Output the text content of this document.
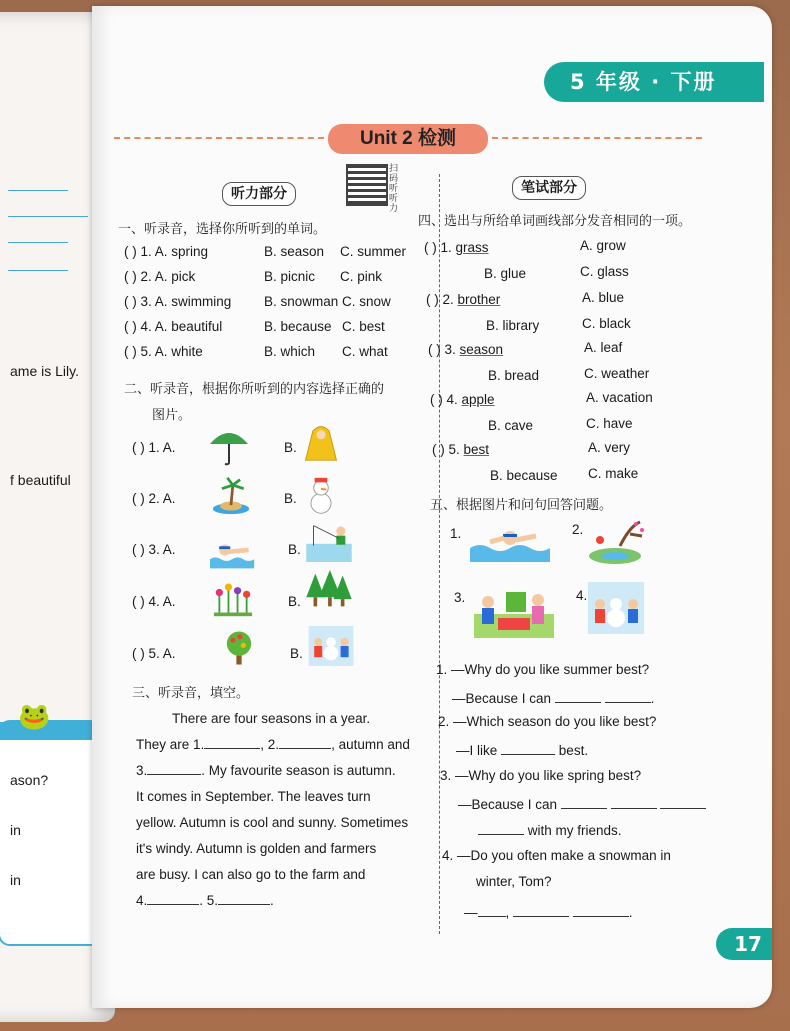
ame is Lily.
f beautiful
🐸
ason?
in
in
5 年级 · 下册
Unit 2 检测
扫码听听力
听力部分
一、听录音，选择你所听到的单词。
( ) 1. A. spring	B. season C. summer
( ) 2. A. pick	B. picnic C. pink
( ) 3. A. swimming B. snowman C. snow
( ) 4. A. beautiful	B. because C. best
( ) 5. A. white	B. which C. what
二、听录音，根据你所听到的内容选择正确的
图片。
( ) 1. A.	B.
( ) 2. A.	B.
( ) 3. A.	B.
( ) 4. A.	B.
( ) 5. A.	B.
三、听录音，填空。
There are four seasons in a year.
They are 1.	, 2.	, autumn and
3.	. My favourite season is autumn.
It comes in September. The leaves turn
yellow. Autumn is cool and sunny. Sometimes
it's windy. Autumn is golden and farmers
are busy. I can also go to the farm and
4.	. 5.	.
笔试部分
四、选出与所给单词画线部分发音相同的一项。
( ) 1. grass	A. grow
B. glue	C. glass
( ) 2. brother	A. blue
B. library	C. black
( ) 3. season	A. leaf
B. bread	C. weather
( ) 4. apple	A. vacation
B. cave	C. have
( ) 5. best	A. very
B. because C. make
五、根据图片和问句回答问题。
1.	2.
3.	4.
1. —Why do you like summer best?
—Because I can	.
2. —Which season do you like best?
—I like	best.
3. —Why do you like spring best?
—Because I can
with my friends.
4. —Do you often make a snowman in
winter, Tom?
— ,	.
17
